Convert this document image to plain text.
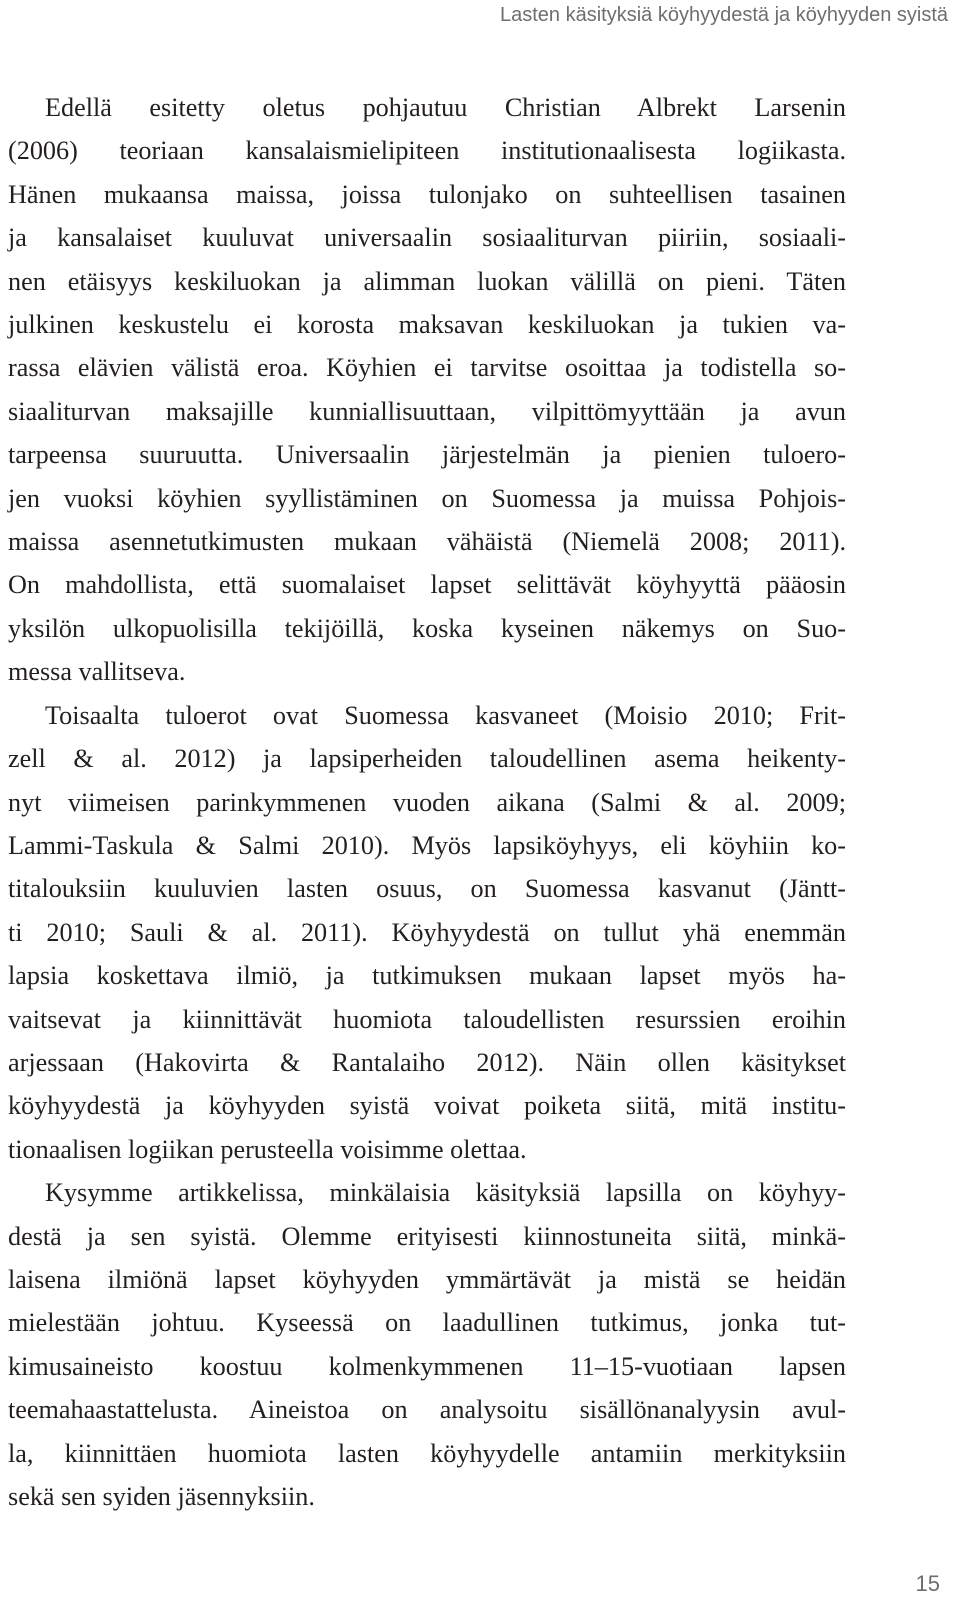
Lasten käsityksiä köyhyydestä ja köyhyyden syistä
Edellä esitetty oletus pohjautuu Christian Albrekt Larsenin
(2006) teoriaan kansalaismielipiteen institutionaalisesta logiikasta.
Hänen mukaansa maissa, joissa tulonjako on suhteellisen tasainen
ja kansalaiset kuuluvat universaalin sosiaaliturvan piiriin, sosiaali-
nen etäisyys keskiluokan ja alimman luokan välillä on pieni. Täten
julkinen keskustelu ei korosta maksavan keskiluokan ja tukien va-
rassa elävien välistä eroa. Köyhien ei tarvitse osoittaa ja todistella so-
siaaliturvan maksajille kunniallisuuttaan, vilpittömyyttään ja avun
tarpeensa suuruutta. Universaalin järjestelmän ja pienien tuloero-
jen vuoksi köyhien syyllistäminen on Suomessa ja muissa Pohjois-
maissa asennetutkimusten mukaan vähäistä (Niemelä 2008; 2011).
On mahdollista, että suomalaiset lapset selittävät köyhyyttä pääosin
yksilön ulkopuolisilla tekijöillä, koska kyseinen näkemys on Suo-
messa vallitseva.
Toisaalta tuloerot ovat Suomessa kasvaneet (Moisio 2010; Frit-
zell & al. 2012) ja lapsiperheiden taloudellinen asema heikenty-
nyt viimeisen parinkymmenen vuoden aikana (Salmi & al. 2009;
Lammi-Taskula & Salmi 2010). Myös lapsiköyhyys, eli köyhiin ko-
titalouksiin kuuluvien lasten osuus, on Suomessa kasvanut (Jäntt-
ti 2010; Sauli & al. 2011). Köyhyydestä on tullut yhä enemmän
lapsia koskettava ilmiö, ja tutkimuksen mukaan lapset myös ha-
vaitsevat ja kiinnittävät huomiota taloudellisten resurssien eroihin
arjessaan (Hakovirta & Rantalaiho 2012). Näin ollen käsitykset
köyhyydestä ja köyhyyden syistä voivat poiketa siitä, mitä institu-
tionaalisen logiikan perusteella voisimme olettaa.
Kysymme artikkelissa, minkälaisia käsityksiä lapsilla on köyhyy-
destä ja sen syistä. Olemme erityisesti kiinnostuneita siitä, minkä-
laisena ilmiönä lapset köyhyyden ymmärtävät ja mistä se heidän
mielestään johtuu. Kyseessä on laadullinen tutkimus, jonka tut-
kimusaineisto koostuu kolmenkymmenen 11–15-vuotiaan lapsen
teemahaastattelusta. Aineistoa on analysoitu sisällönanalyysin avul-
la, kiinnittäen huomiota lasten köyhyydelle antamiin merkityksiin
sekä sen syiden jäsennyksiin.
15
